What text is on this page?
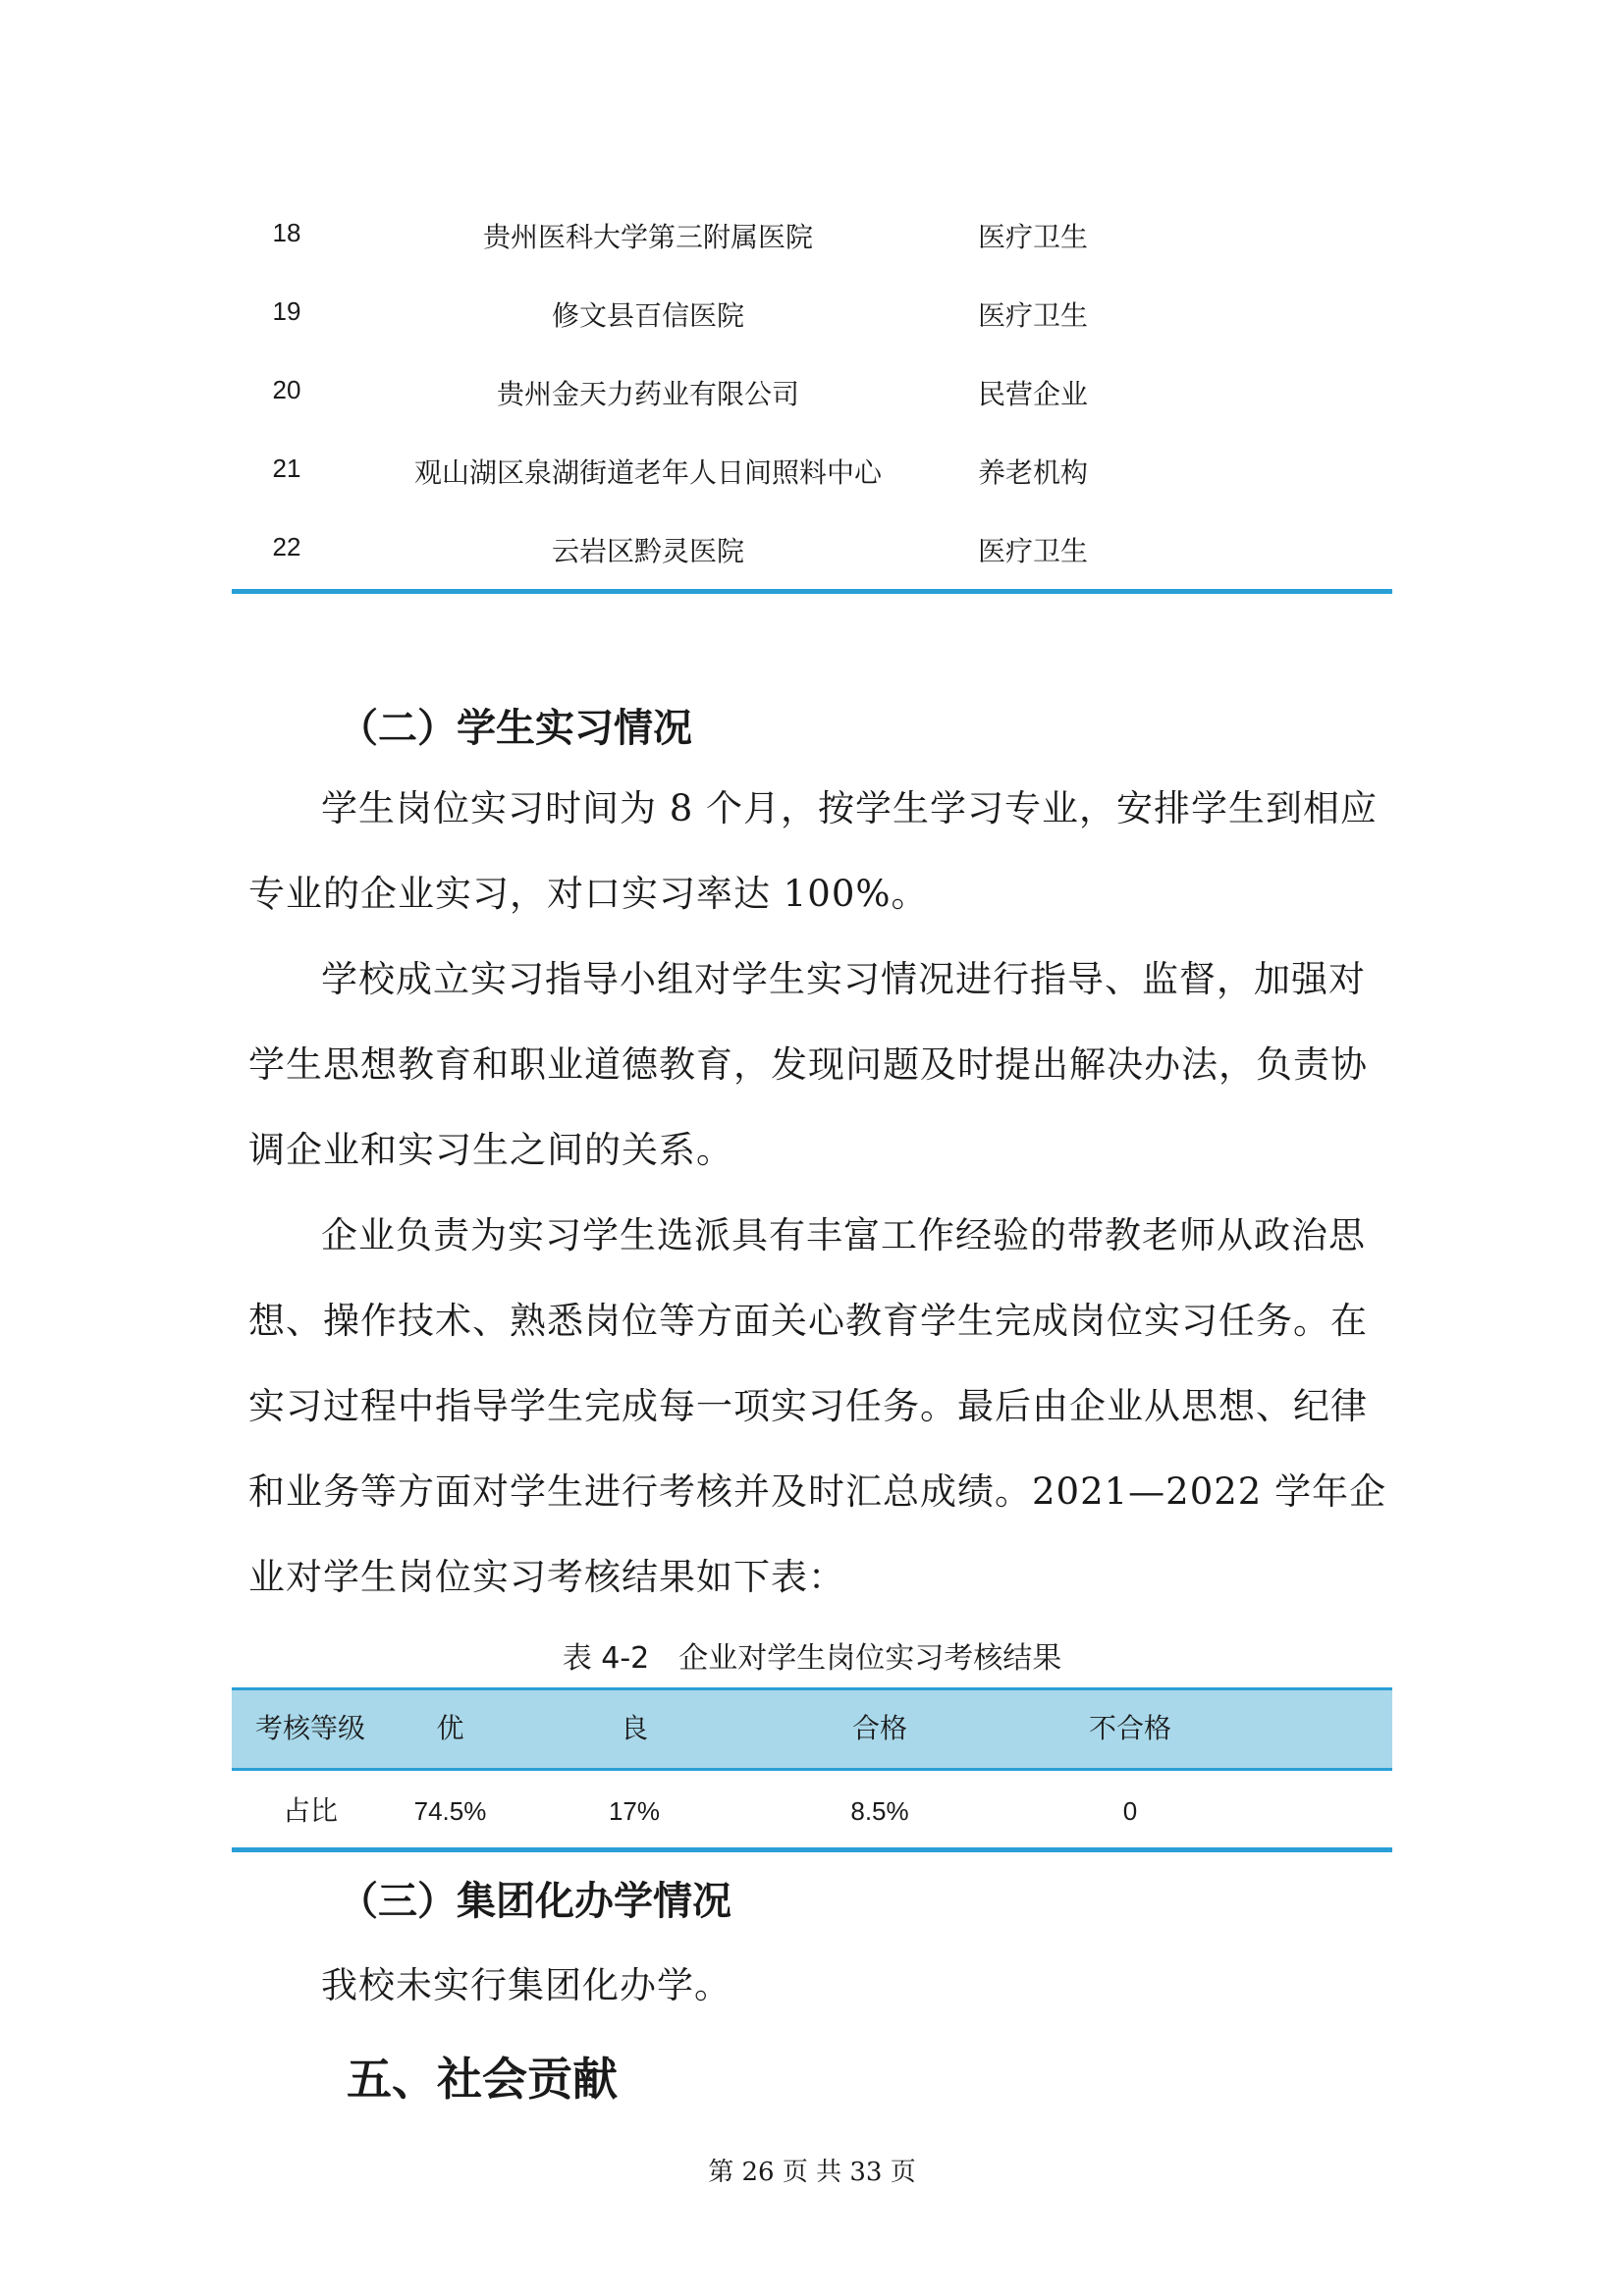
18	贵州医科大学第三附属医院	医疗卫生
19	修文县百信医院	医疗卫生
20	贵州金天力药业有限公司	民营企业
21	观山湖区泉湖街道老年人日间照料中心	养老机构
22	云岩区黔灵医院	医疗卫生
（二）学生实习情况
学生岗位实习时间为 8 个月，按学生学习专业，安排学生到相应专业的企业实习，对口实习率达 100%。
学校成立实习指导小组对学生实习情况进行指导、监督，加强对学生思想教育和职业道德教育，发现问题及时提出解决办法，负责协调企业和实习生之间的关系。
企业负责为实习学生选派具有丰富工作经验的带教老师从政治思想、操作技术、熟悉岗位等方面关心教育学生完成岗位实习任务。在实习过程中指导学生完成每一项实习任务。最后由企业从思想、纪律和业务等方面对学生进行考核并及时汇总成绩。2021—2022 学年企业对学生岗位实习考核结果如下表：
表 4-2　企业对学生岗位实习考核结果
考核等级	优	良	合格	不合格
占比	74.5%	17%	8.5%	0
（三）集团化办学情况
我校未实行集团化办学。
五、社会贡献
第 26 页 共 33 页
